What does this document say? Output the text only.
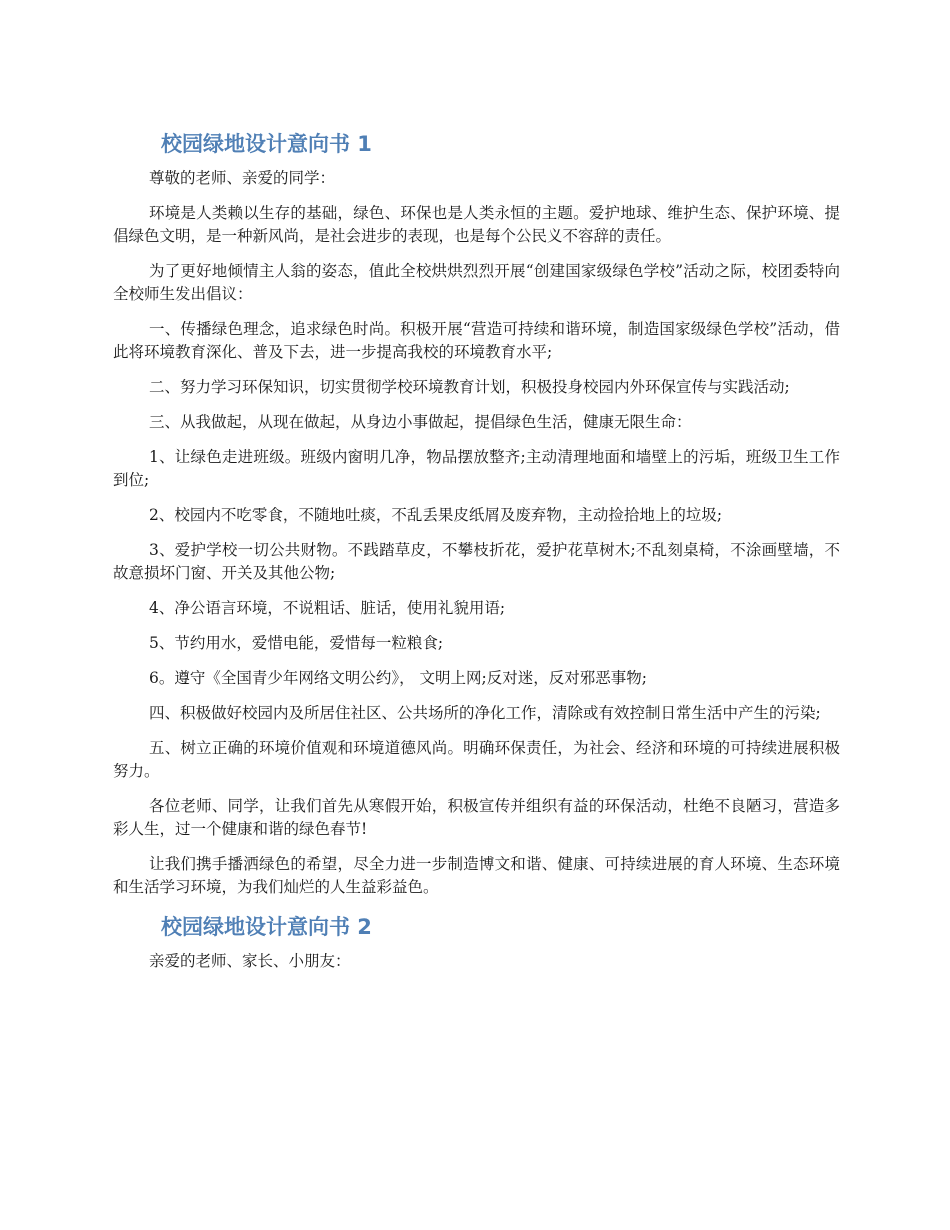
校园绿地设计意向书 1

尊敬的老师、亲爱的同学：

环境是人类赖以生存的基础，绿色、环保也是人类永恒的主题。爱护地球、维护生态、保护环境、提倡绿色文明，是一种新风尚，是社会进步的表现，也是每个公民义不容辞的责任。

为了更好地倾情主人翁的姿态，值此全校烘烘烈烈开展“创建国家级绿色学校”活动之际，校团委特向全校师生发出倡议：

一、传播绿色理念，追求绿色时尚。积极开展“营造可持续和谐环境，制造国家级绿色学校”活动，借此将环境教育深化、普及下去，进一步提高我校的环境教育水平;

二、努力学习环保知识，切实贯彻学校环境教育计划，积极投身校园内外环保宣传与实践活动;

三、从我做起，从现在做起，从身边小事做起，提倡绿色生活，健康无限生命：

1、让绿色走进班级。班级内窗明几净，物品摆放整齐;主动清理地面和墙壁上的污垢，班级卫生工作到位;

2、校园内不吃零食，不随地吐痰，不乱丢果皮纸屑及废弃物，主动捡拾地上的垃圾;

3、爱护学校一切公共财物。不践踏草皮，不攀枝折花，爱护花草树木;不乱刻桌椅，不涂画壁墙，不故意损坏门窗、开关及其他公物;

4、净公语言环境，不说粗话、脏话，使用礼貌用语;

5、节约用水，爱惜电能，爱惜每一粒粮食;

6。遵守《全国青少年网络文明公约》， 文明上网;反对迷，反对邪恶事物;

四、积极做好校园内及所居住社区、公共场所的净化工作，清除或有效控制日常生活中产生的污染;

五、树立正确的环境价值观和环境道德风尚。明确环保责任，为社会、经济和环境的可持续进展积极努力。

各位老师、同学，让我们首先从寒假开始，积极宣传并组织有益的环保活动，杜绝不良陋习，营造多彩人生，过一个健康和谐的绿色春节!

让我们携手播洒绿色的希望，尽全力进一步制造博文和谐、健康、可持续进展的育人环境、生态环境和生活学习环境，为我们灿烂的人生益彩益色。

校园绿地设计意向书 2

亲爱的老师、家长、小朋友：
